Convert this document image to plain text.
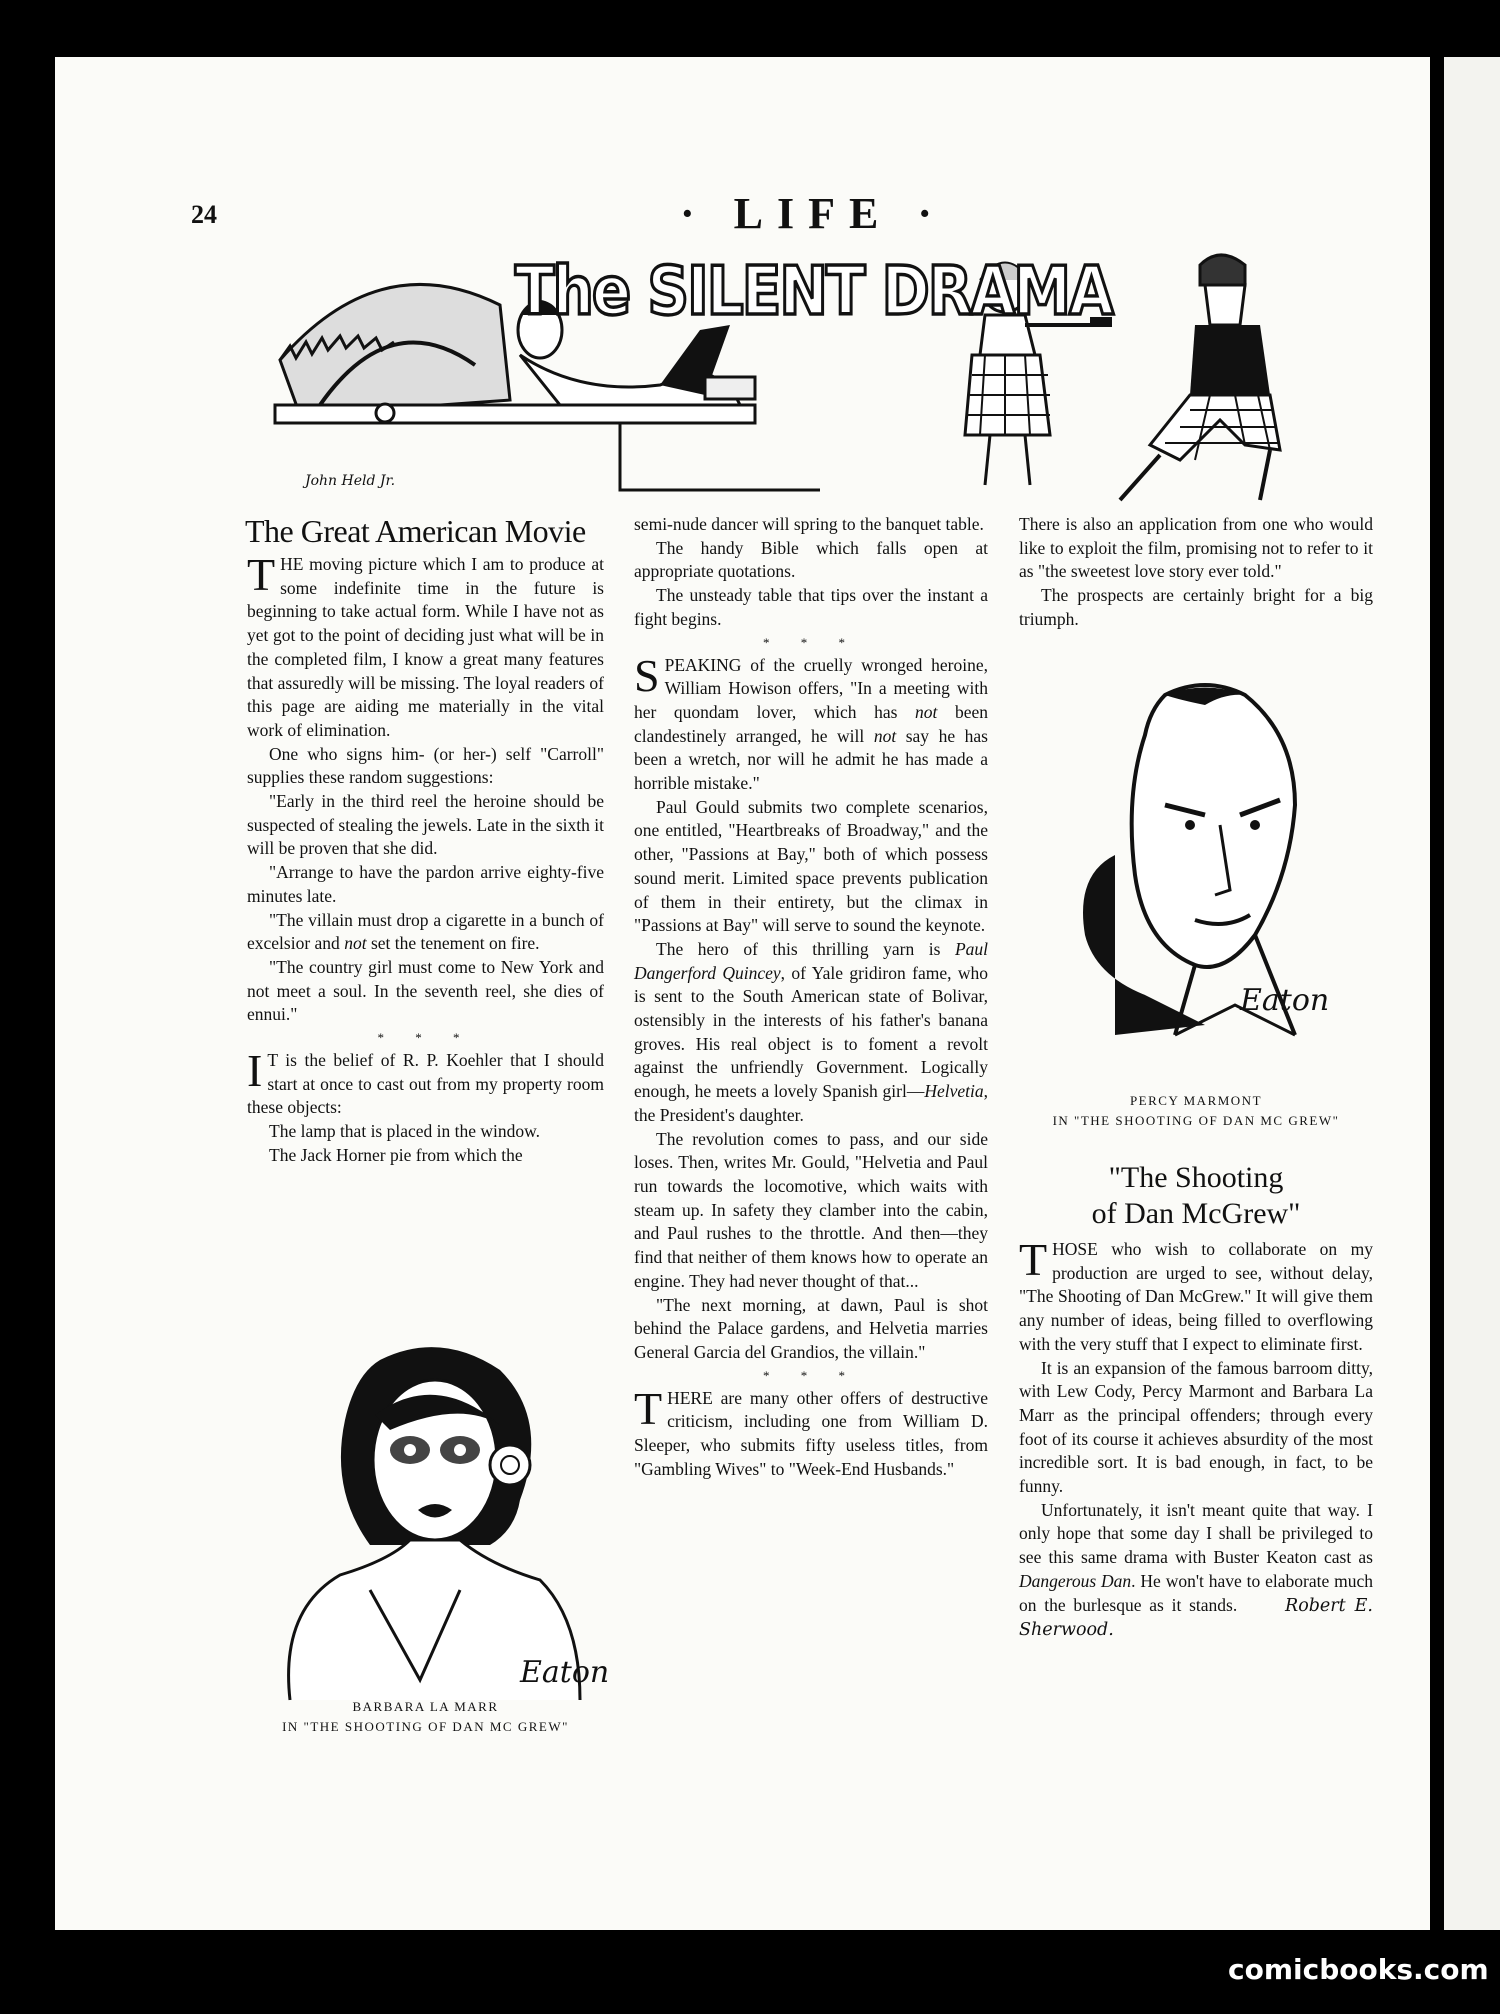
24	· LIFE ·
John Held Jr.
The SILENT DRAMA
The Great American Movie

THE moving picture which I am to produce at some indefinite time in the future is beginning to take actual form. While I have not as yet got to the point of deciding just what will be in the completed film, I know a great many features that assuredly will be missing. The loyal readers of this page are aiding me materially in the vital work of elimination.

One who signs him- (or her-) self "Carroll" supplies these random suggestions:

"Early in the third reel the heroine should be suspected of stealing the jewels. Late in the sixth it will be proven that she did.

"Arrange to have the pardon arrive eighty-five minutes late.

"The villain must drop a cigarette in a bunch of excelsior and not set the tenement on fire.

"The country girl must come to New York and not meet a soul. In the seventh reel, she dies of ennui."

* * *

I T is the belief of R. P. Koehler that I should start at once to cast out from my property room these objects:

The lamp that is placed in the window.

The Jack Horner pie from which the

Eaton
BARBARA LA MARR
IN "THE SHOOTING OF DAN MC GREW"

semi-nude dancer will spring to the banquet table.

The handy Bible which falls open at appropriate quotations.

The unsteady table that tips over the instant a fight begins.

* * *

SPEAKING of the cruelly wronged heroine, William Howison offers, "In a meeting with her quondam lover, which has not been clandestinely arranged, he will not say he has been a wretch, nor will he admit he has made a horrible mistake."

Paul Gould submits two complete scenarios, one entitled, "Heartbreaks of Broadway," and the other, "Passions at Bay," both of which possess sound merit. Limited space prevents publication of them in their entirety, but the climax in "Passions at Bay" will serve to sound the keynote.

The hero of this thrilling yarn is Paul Dangerford Quincey, of Yale gridiron fame, who is sent to the South American state of Bolivar, ostensibly in the interests of his father's banana groves. His real object is to foment a revolt against the unfriendly Government. Logically enough, he meets a lovely Spanish girl—Helvetia, the President's daughter.

The revolution comes to pass, and our side loses. Then, writes Mr. Gould, "Helvetia and Paul run towards the locomotive, which waits with steam up. In safety they clamber into the cabin, and Paul rushes to the throttle. And then—they find that neither of them knows how to operate an engine. They had never thought of that...

"The next morning, at dawn, Paul is shot behind the Palace gardens, and Helvetia marries General Garcia del Grandios, the villain."

* * *

THERE are many other offers of destructive criticism, including one from William D. Sleeper, who submits fifty useless titles, from "Gambling Wives" to "Week-End Husbands."

There is also an application from one who would like to exploit the film, promising not to refer to it as "the sweetest love story ever told."

The prospects are certainly bright for a big triumph.

Eaton
PERCY MARMONT
IN "THE SHOOTING OF DAN MC GREW"
"The Shooting
of Dan McGrew"

THOSE who wish to collaborate on my production are urged to see, without delay, "The Shooting of Dan McGrew." It will give them any number of ideas, being filled to overflowing with the very stuff that I expect to eliminate first.

It is an expansion of the famous barroom ditty, with Lew Cody, Percy Marmont and Barbara La Marr as the principal offenders; through every foot of its course it achieves absurdity of the most incredible sort. It is bad enough, in fact, to be funny.

Unfortunately, it isn't meant quite that way. I only hope that some day I shall be privileged to see this same drama with Buster Keaton cast as Dangerous Dan. He won't have to elaborate much on the burlesque as it stands. Robert E. Sherwood.

comicbooks.com
